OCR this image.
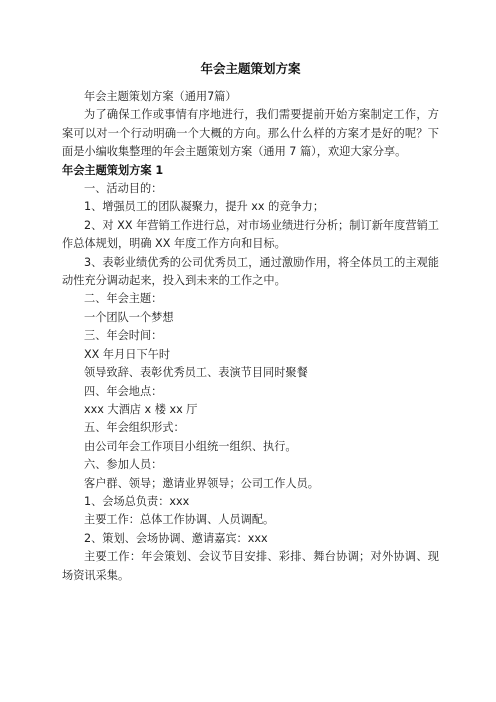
年会主题策划方案

年会主题策划方案（通用7篇）

为了确保工作或事情有序地进行，我们需要提前开始方案制定工作，方案可以对一个行动明确一个大概的方向。那么什么样的方案才是好的呢？下面是小编收集整理的年会主题策划方案（通用 7 篇），欢迎大家分享。

年会主题策划方案 1

一、活动目的：

1、增强员工的团队凝聚力，提升 xx 的竞争力；

2、对 XX 年营销工作进行总，对市场业绩进行分析；制订新年度营销工作总体规划，明确 XX 年度工作方向和目标。

3、表彰业绩优秀的公司优秀员工，通过激励作用，将全体员工的主观能动性充分调动起来，投入到未来的工作之中。

二、年会主题：

一个团队一个梦想

三、年会时间：

XX 年月日下午时

领导致辞、表彰优秀员工、表演节目同时聚餐

四、年会地点：

xxx 大酒店 x 楼 xx 厅

五、年会组织形式：

由公司年会工作项目小组统一组织、执行。

六、参加人员：

客户群、领导；邀请业界领导；公司工作人员。

1、会场总负责：xxx

主要工作：总体工作协调、人员调配。

2、策划、会场协调、邀请嘉宾：xxx

主要工作：年会策划、会议节目安排、彩排、舞台协调；对外协调、现场资讯采集。
